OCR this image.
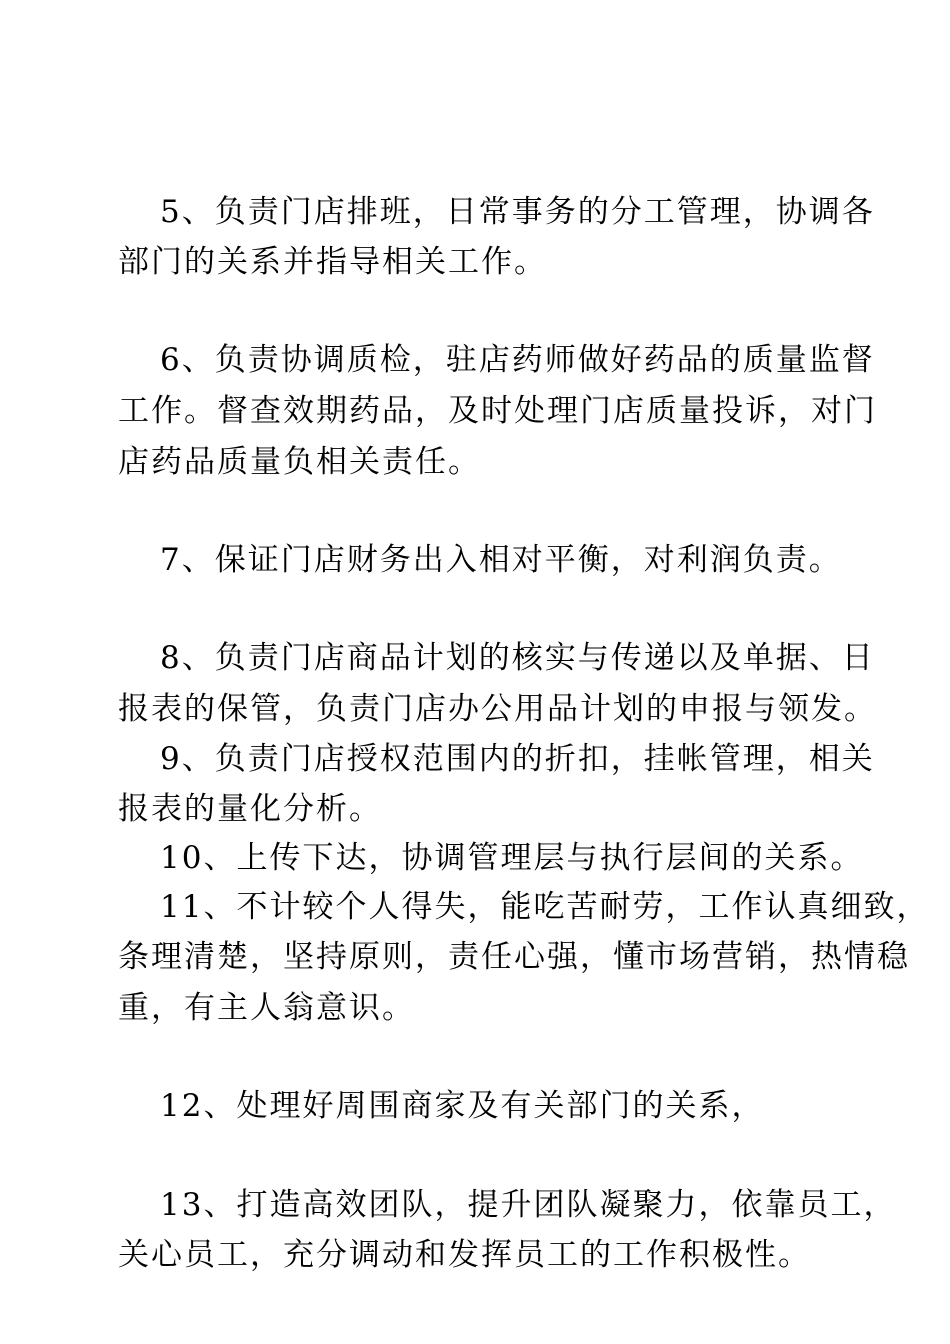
5、负责门店排班，日常事务的分工管理，协调各
部门的关系并指导相关工作。
6、负责协调质检，驻店药师做好药品的质量监督
工作。督查效期药品，及时处理门店质量投诉，对门
店药品质量负相关责任。
7、保证门店财务出入相对平衡，对利润负责。
8、负责门店商品计划的核实与传递以及单据、日
报表的保管，负责门店办公用品计划的申报与领发。
9、负责门店授权范围内的折扣，挂帐管理，相关
报表的量化分析。
10、上传下达，协调管理层与执行层间的关系。
11、不计较个人得失，能吃苦耐劳，工作认真细致，
条理清楚，坚持原则，责任心强，懂市场营销，热情稳
重，有主人翁意识。
12、处理好周围商家及有关部门的关系，
13、打造高效团队，提升团队凝聚力，依靠员工，
关心员工，充分调动和发挥员工的工作积极性。
